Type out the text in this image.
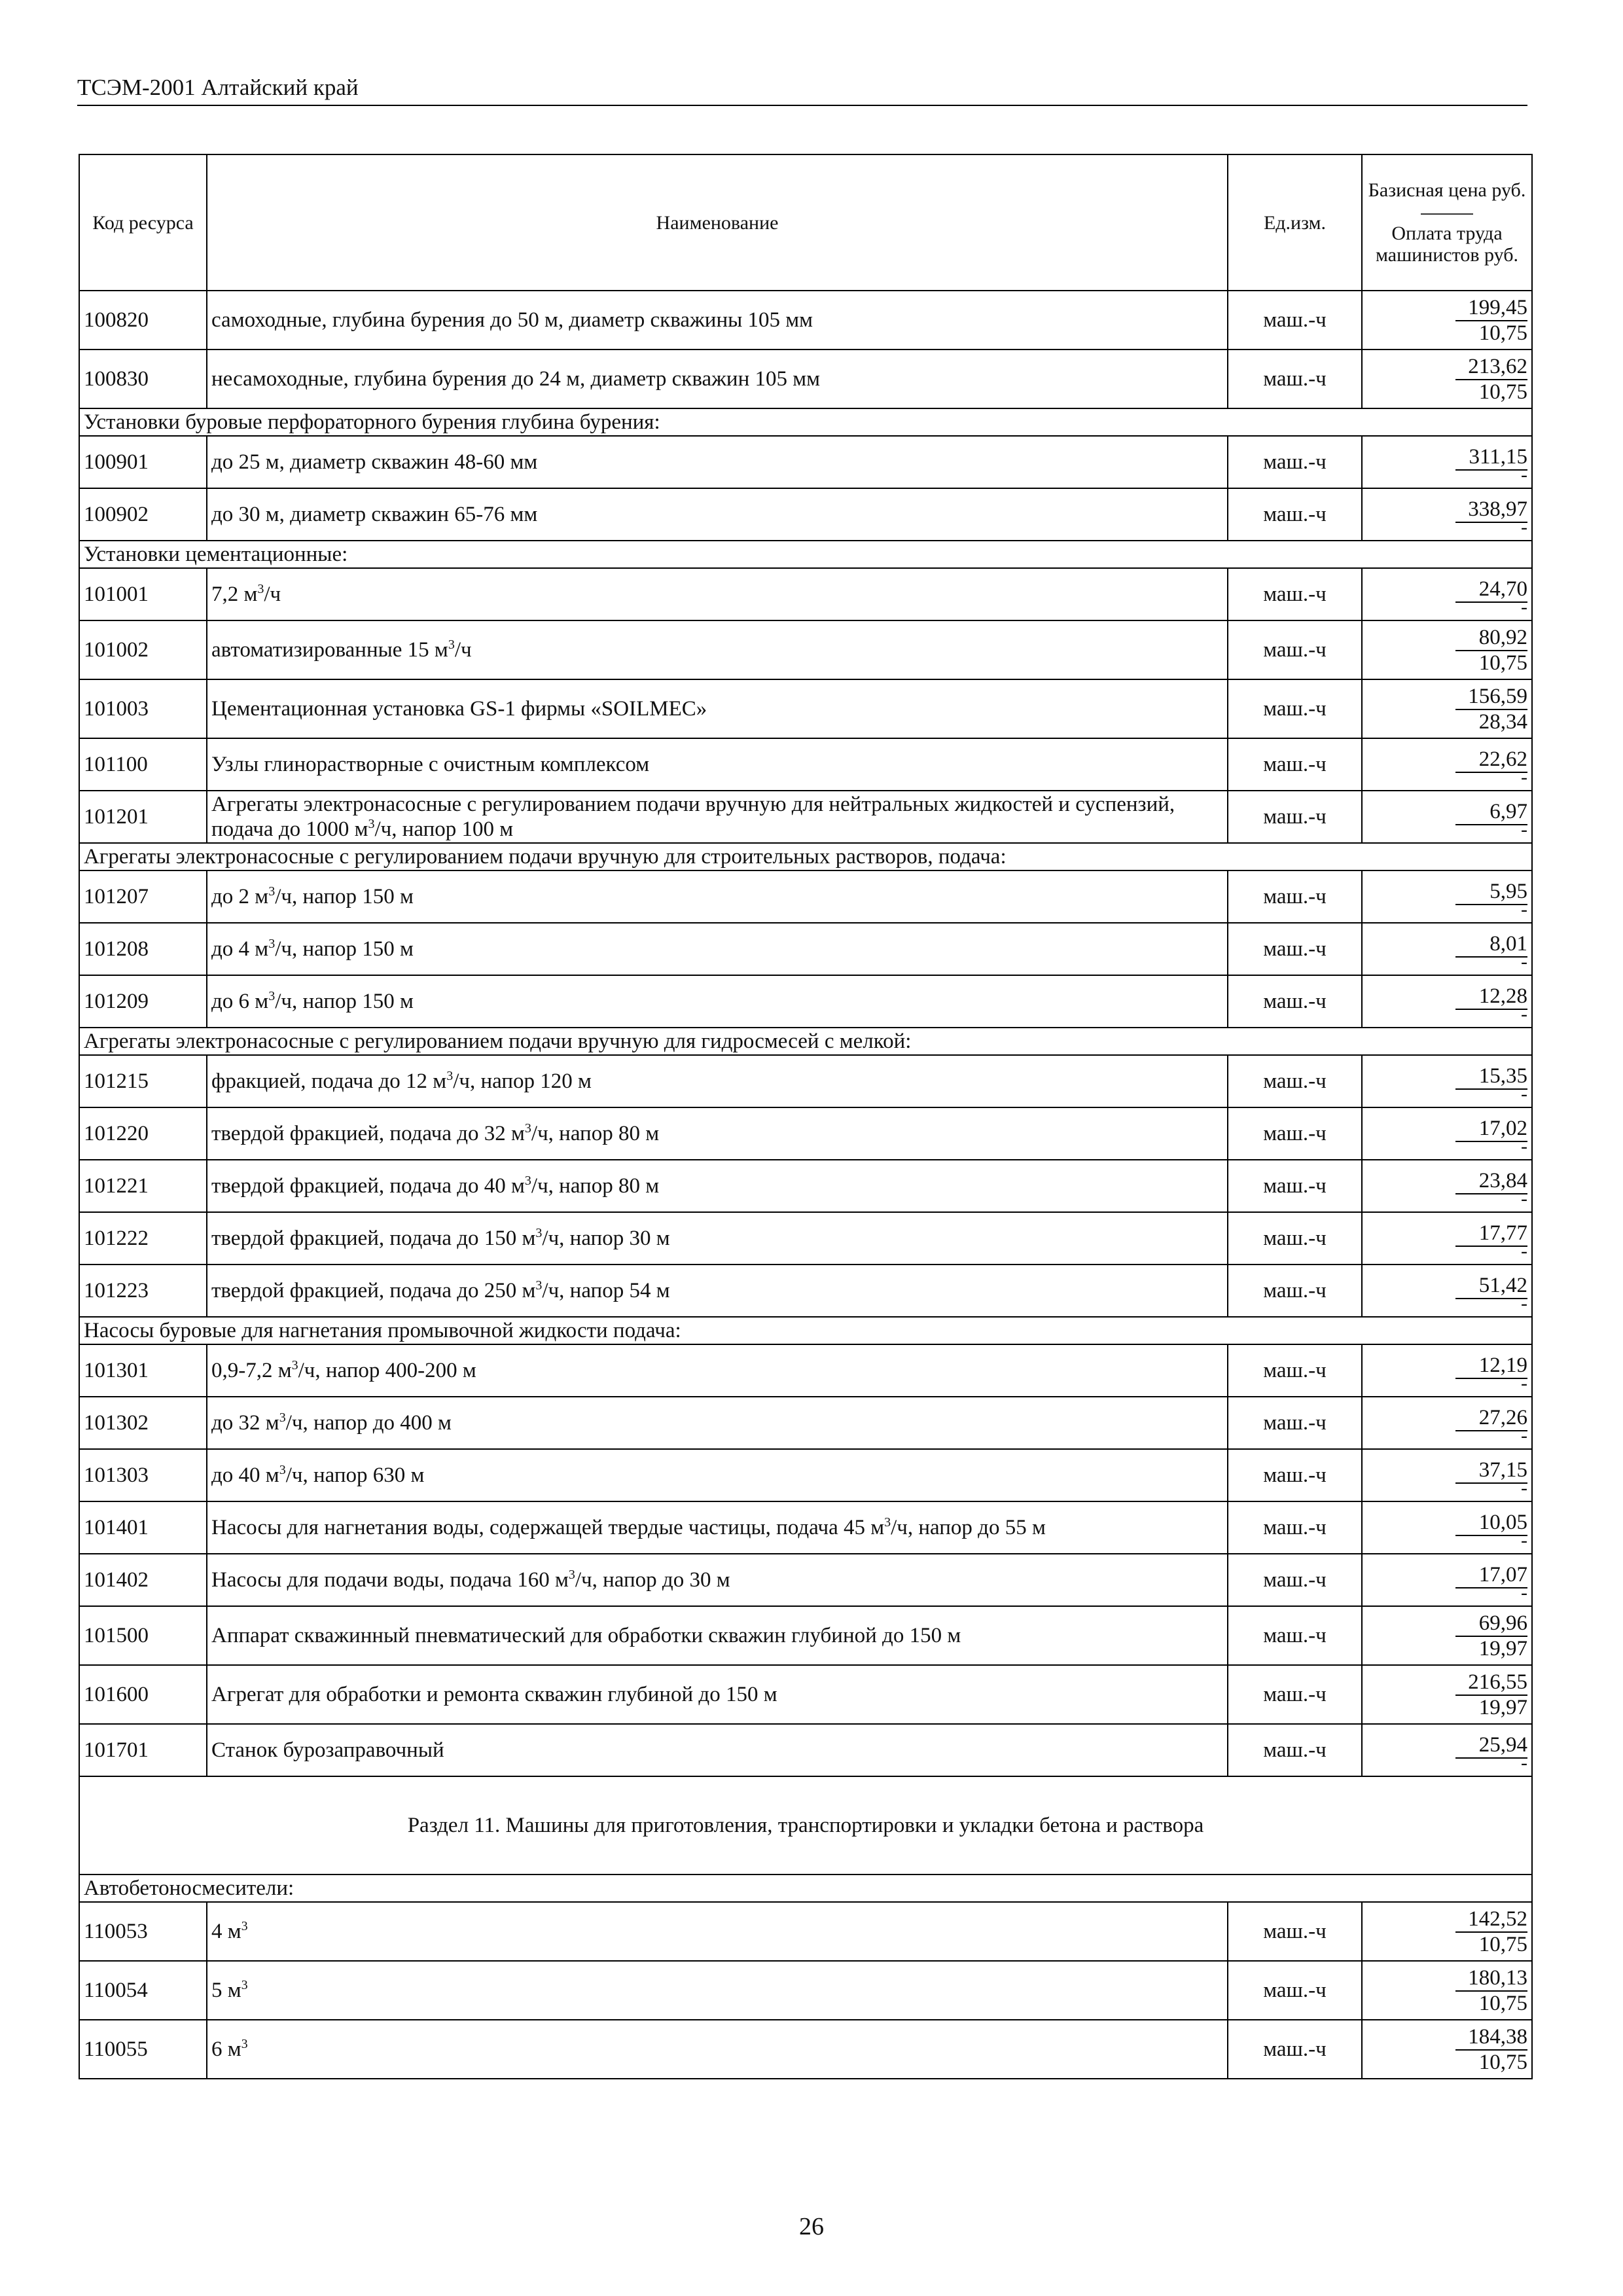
ТСЭМ-2001 Алтайский край
Код ресурса	Наименование	Ед.изм.	Базисная цена руб.
Оплата труда машинистов руб.

100820	самоходные, глубина бурения до 50 м, диаметр скважины 105 мм	маш.-ч	199,45
10,75

100830	несамоходные, глубина бурения до 24 м, диаметр скважин 105 мм	маш.-ч	213,62
10,75

Установки буровые перфораторного бурения глубина бурения:			
100901	до 25 м, диаметр скважин 48-60 мм	маш.-ч	311,15
-

100902	до 30 м, диаметр скважин 65-76 мм	маш.-ч	338,97
-

Установки цементационные:			
101001	7,2 $м^3/ч$	маш.-ч	24,70
-

101002	автоматизированные 15 $м^3/ч$	маш.-ч	80,92
10,75

101003	Цементационная установка GS-1 фирмы «SOILMEC»	маш.-ч	156,59
28,34

101100	Узлы глинорастворные с очистным комплексом	маш.-ч	22,62
-

101201	Агрегаты электронасосные с регулированием подачи вручную для нейтральных жидкостей и суспензий, подача до 1000 $м^3/ч$, напор 100 м	маш.-ч	6,97
-

Агрегаты электронасосные с регулированием подачи вручную для строительных растворов, подача:			
101207	до 2 $м^3/ч$, напор 150 м	маш.-ч	5,95
-

101208	до 4 $м^3/ч$, напор 150 м	маш.-ч	8,01
-

101209	до 6 $м^3/ч$, напор 150 м	маш.-ч	12,28
-

Агрегаты электронасосные с регулированием подачи вручную для гидросмесей с мелкой:			
101215	фракцией, подача до 12 $м^3/ч$, напор 120 м	маш.-ч	15,35
-

101220	твердой фракцией, подача до 32 $м^3/ч$, напор 80 м	маш.-ч	17,02
-

101221	твердой фракцией, подача до 40 $м^3/ч$, напор 80 м	маш.-ч	23,84
-

101222	твердой фракцией, подача до 150 $м^3/ч$, напор 30 м	маш.-ч	17,77
-

101223	твердой фракцией, подача до 250 $м^3/ч$, напор 54 м	маш.-ч	51,42
-

Насосы буровые для нагнетания промывочной жидкости подача:			
101301	0,9-7,2 $м^3/ч$, напор 400-200 м	маш.-ч	12,19
-

101302	до 32 $м^3/ч$, напор до 400 м	маш.-ч	27,26
-

101303	до 40 $м^3/ч$, напор 630 м	маш.-ч	37,15
-

101401	Насосы для нагнетания воды, содержащей твердые частицы, подача 45 $м^3/ч$, напор до 55 м	маш.-ч	10,05
-

101402	Насосы для подачи воды, подача 160 $м^3/ч$, напор до 30 м	маш.-ч	17,07
-

101500	Аппарат скважинный пневматический для обработки скважин глубиной до 150 м	маш.-ч	69,96
19,97

101600	Агрегат для обработки и ремонта скважин глубиной до 150 м	маш.-ч	216,55
19,97

101701	Станок бурозаправочный	маш.-ч	25,94
-

Раздел 11. Машины для приготовления, транспортировки и укладки бетона и раствора			
Автобетоносмесители:			
110053	4 $м^3$	маш.-ч	142,52
10,75

110054	5 $м^3$	маш.-ч	180,13
10,75

110055	6 $м^3$	маш.-ч	184,38
10,75
26
